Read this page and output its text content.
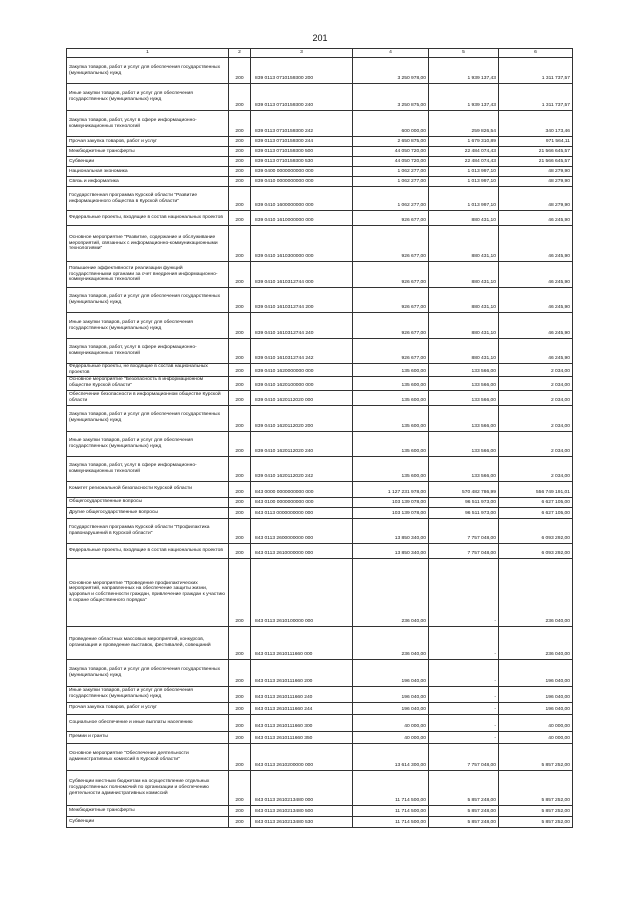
201
1	2	3	4	5	6
Закупка товаров, работ и услуг для обеспечения государственных (муниципальных) нужд	200	839 0113 0710159300 200	3 250 978,00	1 939 137,43	1 311 737,57
Иные закупки товаров, работ и услуг для обеспечения государственных (муниципальных) нужд	200	839 0113 0710159300 240	3 250 875,00	1 939 137,43	1 311 737,57
Закупка товаров, работ, услуг в сфере информационно-коммуникационных технологий	200	839 0113 0710159300 242	600 000,00	259 826,54	340 173,46
Прочая закупка товаров, работ и услуг	200	839 0113 0710159300 244	2 650 875,00	1 679 310,89	971 564,11
Межбюджетные трансферты	200	839 0113 0710159300 500	44 050 720,00	22 484 074,43	21 566 645,57
Субвенции	200	839 0113 0710159300 530	44 050 720,00	22 484 074,43	21 566 645,57
Национальная экономика	200	839 0400 0000000000 000	1 062 277,00	1 013 997,10	48 279,90
Связь и информатика	200	839 0410 0000000000 000	1 062 277,00	1 013 997,10	48 279,90
Государственная программа Курской области "Развитие информационного общества в Курской области"	200	839 0410 1600000000 000	1 062 277,00	1 013 997,10	48 279,90
Федеральные проекты, входящие в состав национальных проектов	200	839 0410 1610000000 000	926 677,00	880 431,10	46 245,90
Основное мероприятие "Развитие, содержание и обслуживание мероприятий, связанных с информационно-коммуникационными технологиями"	200	839 0410 1610300000 000	926 677,00	880 431,10	46 245,90
Повышение эффективности реализации функций государственными органами за счет внедрения информационно-коммуникационных технологий	200	839 0410 1610312744 000	926 677,00	880 431,10	46 245,90
Закупка товаров, работ и услуг для обеспечения государственных (муниципальных) нужд	200	839 0410 1610312744 200	926 677,00	880 431,10	46 245,90
Иные закупки товаров, работ и услуг для обеспечения государственных (муниципальных) нужд	200	839 0410 1610312744 240	926 677,00	880 431,10	46 245,90
Закупка товаров, работ, услуг в сфере информационно-коммуникационных технологий	200	839 0410 1610312744 242	926 677,00	880 431,10	46 245,90
Федеральные проекты, не входящие в состав национальных проектов	200	839 0410 1620000000 000	135 600,00	133 566,00	2 034,00
Основное мероприятие "Безопасность в информационном обществе Курской области"	200	839 0410 1620100000 000	135 600,00	133 566,00	2 034,00
Обеспечение безопасности в информационном обществе Курской области	200	839 0410 1620112020 000	135 600,00	133 566,00	2 034,00
Закупка товаров, работ и услуг для обеспечения государственных (муниципальных) нужд	200	839 0410 1620112020 200	135 600,00	133 566,00	2 034,00
Иные закупки товаров, работ и услуг для обеспечения государственных (муниципальных) нужд	200	839 0410 1620112020 240	135 600,00	133 566,00	2 034,00
Закупка товаров, работ, услуг в сфере информационно-коммуникационных технологий	200	839 0410 1620112020 242	135 600,00	133 566,00	2 034,00
Комитет региональной безопасности Курской области	200	843 0000 0000000000 000	1 127 231 978,00	570 482 786,99	556 749 191,01
Общегосударственные вопросы	200	843 0100 0000000000 000	103 139 078,00	96 511 973,00	6 627 105,00
Другие общегосударственные вопросы	200	843 0113 0000000000 000	103 139 078,00	96 511 973,00	6 627 105,00
Государственная программа Курской области "Профилактика правонарушений в Курской области"	200	843 0113 2600000000 000	13 850 340,00	7 757 048,00	6 093 292,00
Федеральные проекты, входящие в состав национальных проектов	200	843 0113 2610000000 000	13 850 340,00	7 757 048,00	6 093 292,00
Основное мероприятие "Проведение профилактических мероприятий, направленных на обеспечение защиты жизни, здоровья и собственности граждан, привлечение граждан к участию в охране общественного порядка"	200	843 0113 2610100000 000	236 040,00	-	236 040,00
Проведение областных массовых мероприятий, конкурсов, организация и проведение выставок, фестивалей, совещаний	200	843 0113 2610111660 000	236 040,00	-	236 040,00
Закупка товаров, работ и услуг для обеспечения государственных (муниципальных) нужд	200	843 0113 2610111660 200	196 040,00	-	196 040,00
Иные закупки товаров, работ и услуг для обеспечения государственных (муниципальных) нужд	200	843 0113 2610111660 240	196 040,00	-	196 040,00
Прочая закупка товаров, работ и услуг	200	843 0113 2610111660 244	196 040,00	-	196 040,00
Социальное обеспечение и иные выплаты населению	200	843 0113 2610111660 300	40 000,00	-	40 000,00
Премии и гранты	200	843 0113 2610111660 350	40 000,00	-	40 000,00
Основное мероприятие "Обеспечение деятельности административных комиссий в Курской области"	200	843 0113 2610200000 000	13 614 300,00	7 757 048,00	5 857 252,00
Субвенции местным бюджетам на осуществление отдельных государственных полномочий по организации и обеспечению деятельности административных комиссий	200	843 0113 2610213480 000	11 714 500,00	5 857 248,00	5 857 252,00
Межбюджетные трансферты	200	843 0113 2610213480 500	11 714 500,00	5 857 248,00	5 857 252,00
Субвенции	200	843 0113 2610213480 530	11 714 500,00	5 857 248,00	5 857 252,00
